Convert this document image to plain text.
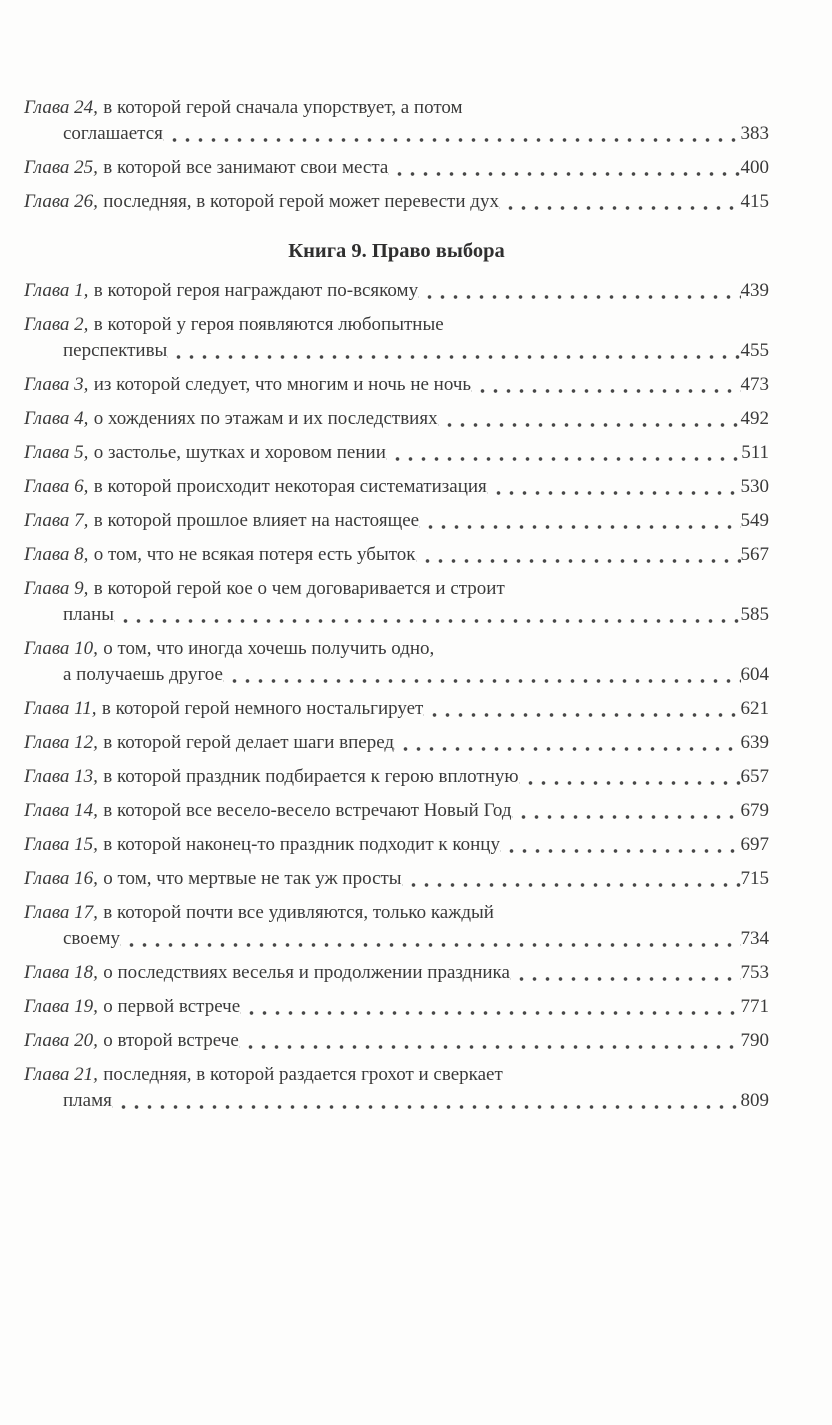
Глава 24, в которой герой сначала упорствует, а потом
соглашается	383
Глава 25, в которой все занимают свои места	400
Глава 26, последняя, в которой герой может перевести дух	415
Книга 9. Право выбора
Глава 1, в которой героя награждают по-всякому	439
Глава 2, в которой у героя появляются любопытные
перспективы	455
Глава 3, из которой следует, что многим и ночь не ночь	473
Глава 4, о хождениях по этажам и их последствиях	492
Глава 5, о застолье, шутках и хоровом пении	511
Глава 6, в которой происходит некоторая систематизация	530
Глава 7, в которой прошлое влияет на настоящее	549
Глава 8, о том, что не всякая потеря есть убыток	567
Глава 9, в которой герой кое о чем договаривается и строит
планы	585
Глава 10, о том, что иногда хочешь получить одно,
а получаешь другое	604
Глава 11, в которой герой немного ностальгирует	621
Глава 12, в которой герой делает шаги вперед	639
Глава 13, в которой праздник подбирается к герою вплотную	657
Глава 14, в которой все весело-весело встречают Новый Год	679
Глава 15, в которой наконец-то праздник подходит к концу	697
Глава 16, о том, что мертвые не так уж просты	715
Глава 17, в которой почти все удивляются, только каждый
своему	734
Глава 18, о последствиях веселья и продолжении праздника	753
Глава 19, о первой встрече	771
Глава 20, о второй встрече	790
Глава 21, последняя, в которой раздается грохот и сверкает
пламя	809
